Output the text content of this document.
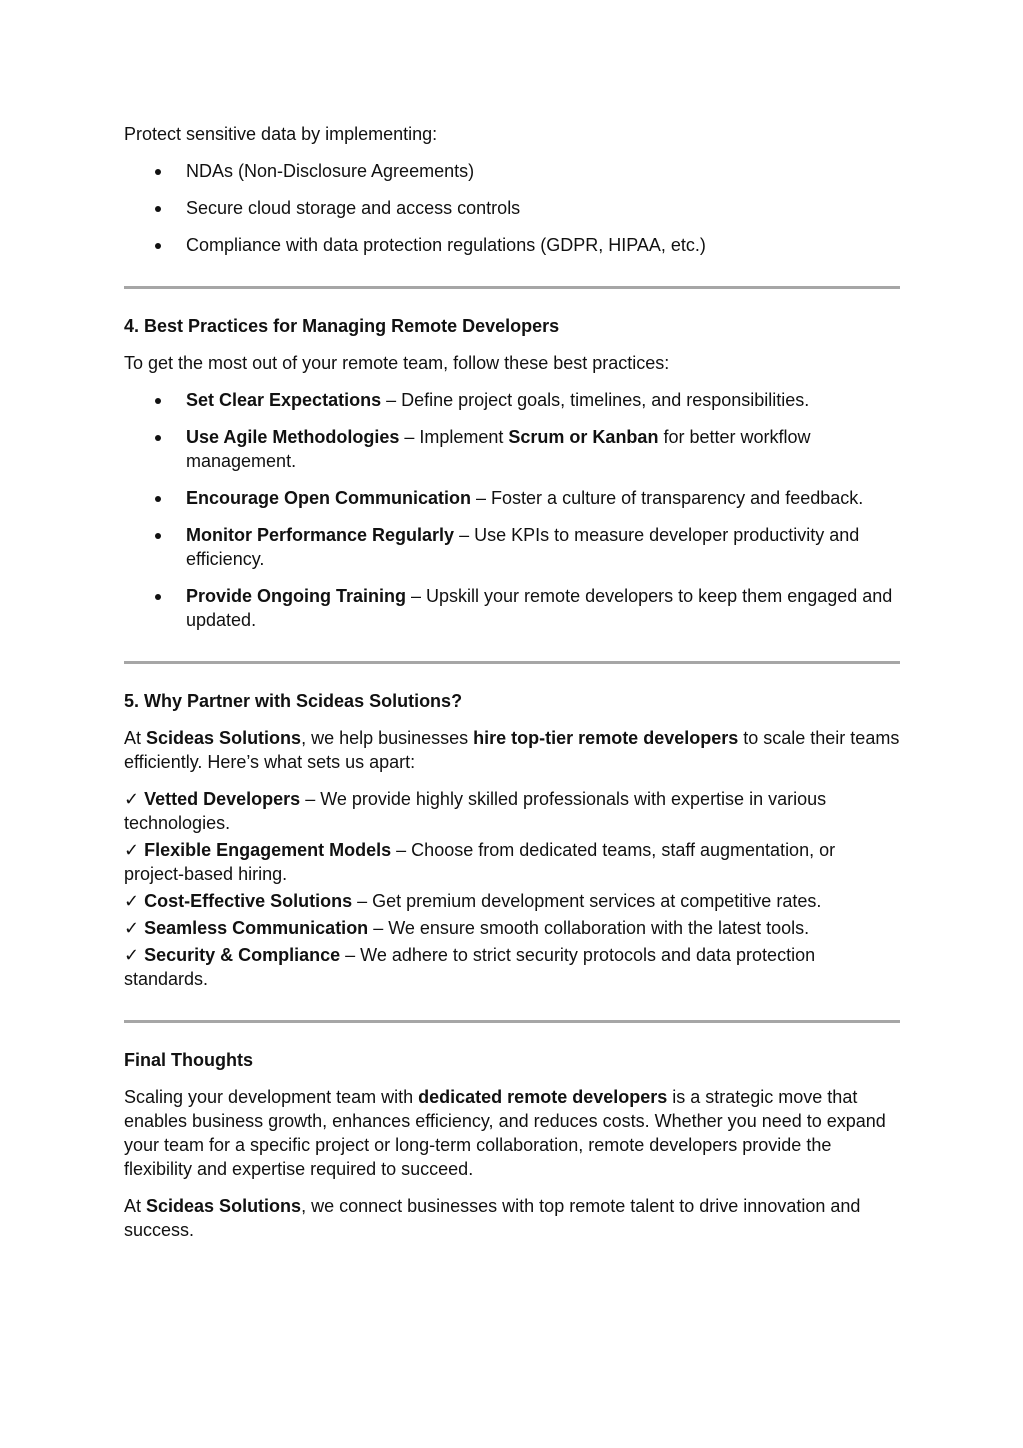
Protect sensitive data by implementing:

NDAs (Non-Disclosure Agreements)
Secure cloud storage and access controls
Compliance with data protection regulations (GDPR, HIPAA, etc.)

4. Best Practices for Managing Remote Developers

To get the most out of your remote team, follow these best practices:

Set Clear Expectations – Define project goals, timelines, and responsibilities.
Use Agile Methodologies – Implement Scrum or Kanban for better workflow management.
Encourage Open Communication – Foster a culture of transparency and feedback.
Monitor Performance Regularly – Use KPIs to measure developer productivity and efficiency.
Provide Ongoing Training – Upskill your remote developers to keep them engaged and updated.

5. Why Partner with Scideas Solutions?

At Scideas Solutions, we help businesses hire top-tier remote developers to scale their teams efficiently. Here’s what sets us apart:

✓ Vetted Developers – We provide highly skilled professionals with expertise in various technologies.

✓ Flexible Engagement Models – Choose from dedicated teams, staff augmentation, or project-based hiring.

✓ Cost-Effective Solutions – Get premium development services at competitive rates.

✓ Seamless Communication – We ensure smooth collaboration with the latest tools.

✓ Security & Compliance – We adhere to strict security protocols and data protection standards.

Final Thoughts

Scaling your development team with dedicated remote developers is a strategic move that enables business growth, enhances efficiency, and reduces costs. Whether you need to expand your team for a specific project or long-term collaboration, remote developers provide the flexibility and expertise required to succeed.

At Scideas Solutions, we connect businesses with top remote talent to drive innovation and success.
